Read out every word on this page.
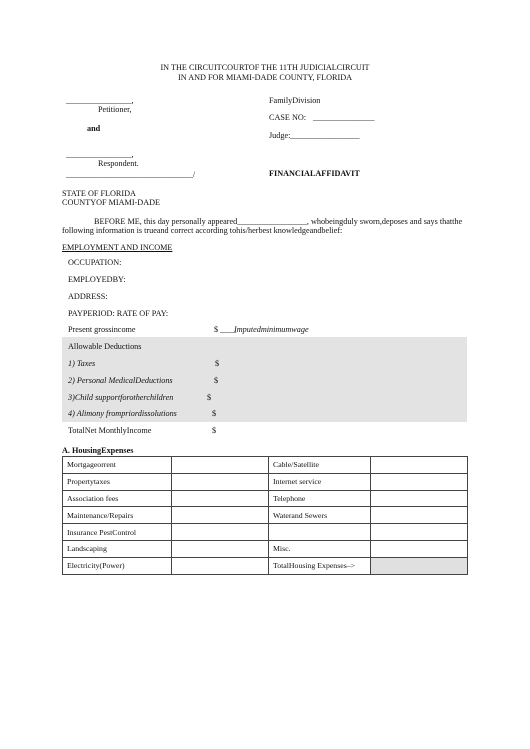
IN THE CIRCUITCOURTOF THE 11TH JUDICIALCIRCUIT
IN AND FOR MIAMI-DADE COUNTY, FLORIDA
________________,
Petitioner,
and
________________,
Respondent.
_______________________________/
FamilyDivision
CASE NO: _______________
Judge: _________________
FINANCIALAFFIDAVIT
STATE OF FLORIDA
COUNTYOF MIAMI-DADE
BEFORE ME, this day personally appeared_________________, whobeingduly sworn,deposes and says thatthe
following information is trueand correct according tohis/herbest knowledgeandbelief:
EMPLOYMENT AND INCOME
OCCUPATION:
EMPLOYEDBY:
ADDRESS:
PAYPERIOD: RATE OF PAY:
Present grossincome	$ ____
Imputedminimumwage
Allowable Deductions
1) Taxes	$
2) Personal MedicalDeductions	$
3)Child supportforotherchildren	$
4) Alimony frompriordissolutions	$
TotalNet MonthlyIncome	$
A. HousingExpenses
Mortgageorrent		Cable/Satellite	
Propertytaxes		Internet service	
Association fees		Telephone	
Maintenance/Repairs		Waterand Sewers	
Insurance PestControl			
Landscaping		Misc.	
Electricity(Power)		TotalHousing Expenses–>	
